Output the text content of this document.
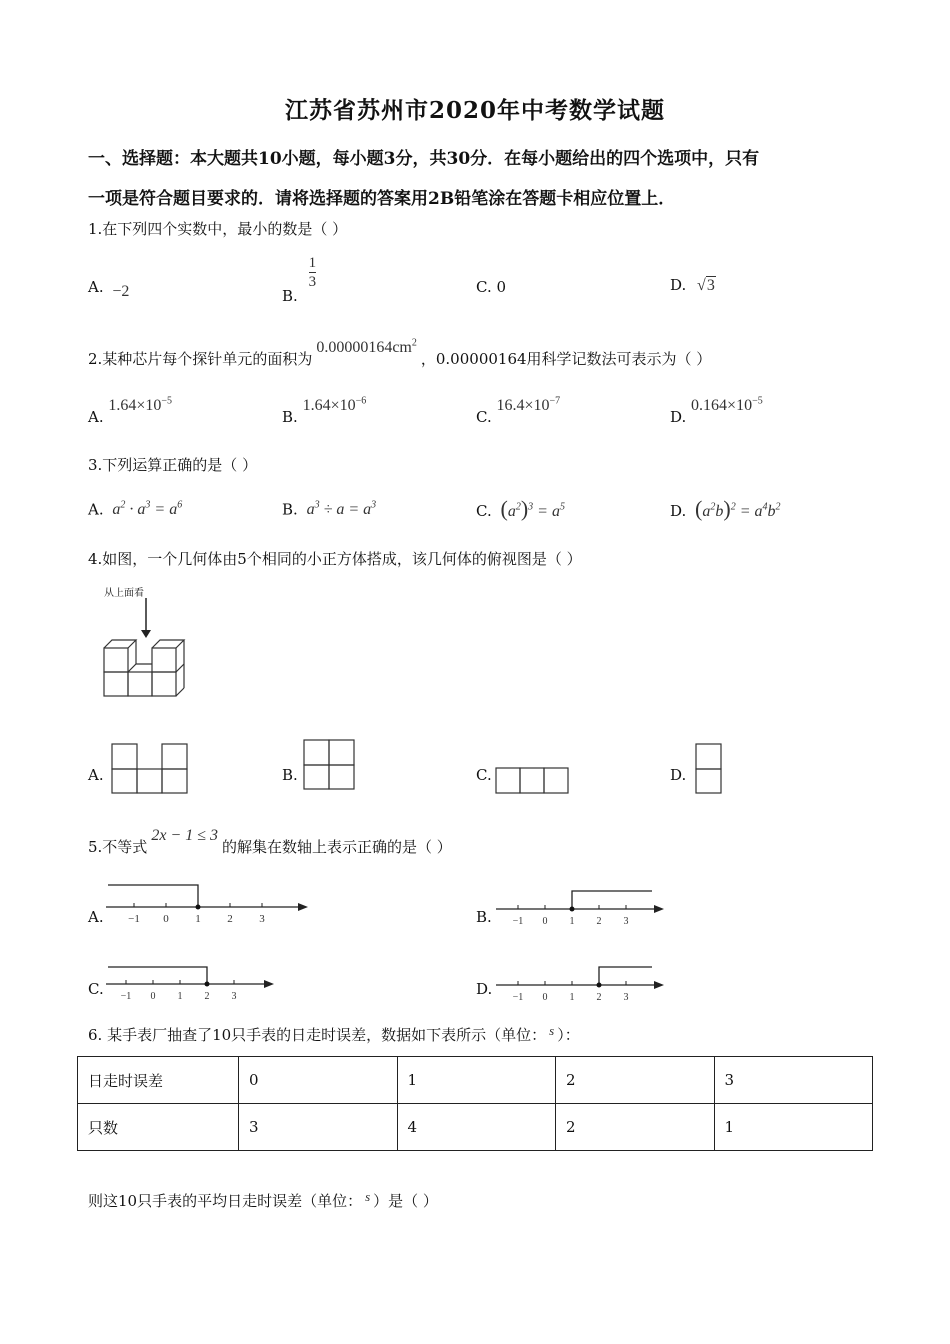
江苏省苏州市2020年中考数学试题
一、选择题：本大题共10小题，每小题3分，共30分．在每小题给出的四个选项中，只有
一项是符合题目要求的．请将选择题的答案用2B铅笔涂在答题卡相应位置上．
1.在下列四个实数中，最小的数是（ ）
A. −2	B.
$\frac{1}{3}$	C. 0	D. √3
2.某种芯片每个探针单元的面积为$0.00000164cm^2$，0.00000164用科学记数法可表示为（ ）
A. $1.64\times 10^{-5}$
B. $1.64\times 10^{-6}$
C. $16.4\times 10^{-7}$
D. $0.164\times 10^{-5}$
3.下列运算正确的是（ ）
A. $a^2 \cdot a^3 = a^6$	B. $a^3 \div a = a^3$	C. $(a^2)^3 = a^5$	D. $(a^2b)^2 = a^4b^2$
4.如图，一个几何体由5个相同的小正方体搭成，该几何体的俯视图是（ ）
从上面看
A.	B.	C.	D.
5.不等式2x − 1 ≤ 3的解集在数轴上表示正确的是（ ）
A. −1 0 1 2 3	B. −1 0 1 2 3
C. −1 0 1 2 3	D. −1 0 1 2 3
6. 某手表厂抽查了10只手表的日走时误差，数据如下表所示（单位： s ）：
日走时误差	0	1	2	3
只数	3	4	2	1
则这10只手表的平均日走时误差（单位： s ）是（ ）
